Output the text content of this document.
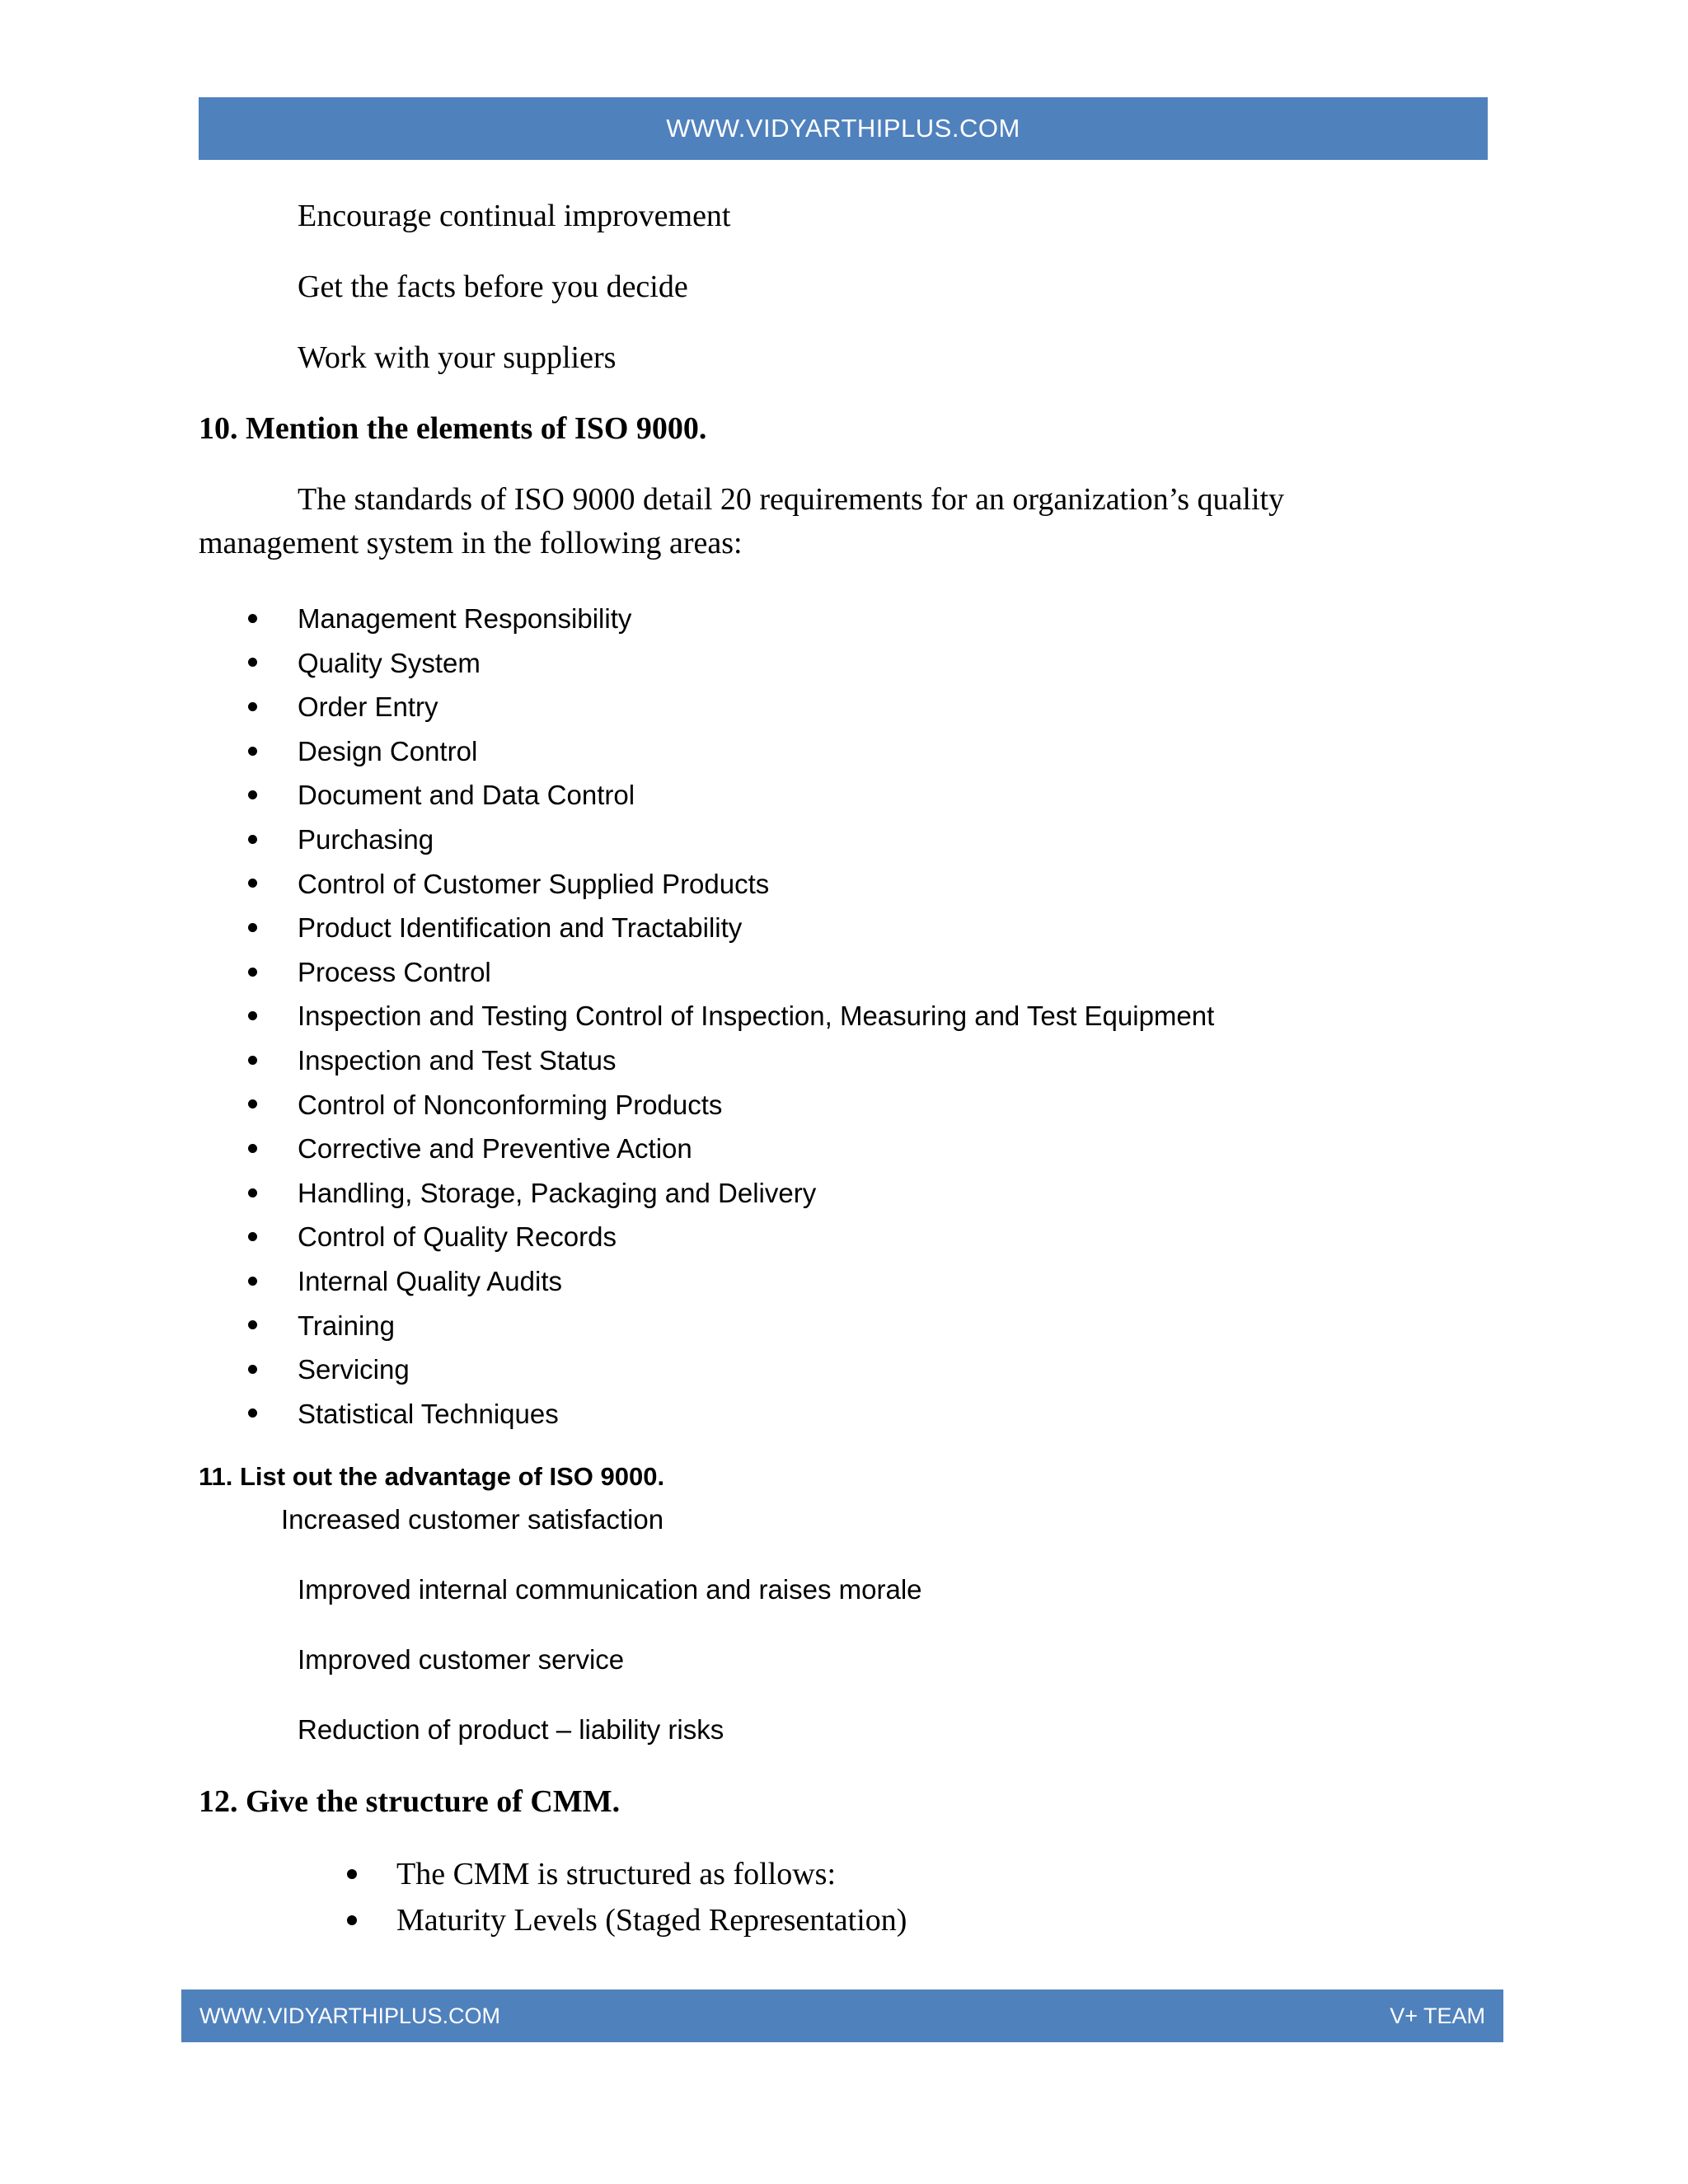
WWW.VIDYARTHIPLUS.COM
Encourage continual improvement
Get the facts before you decide
Work with your suppliers
10. Mention the elements of ISO 9000.

The standards of ISO 9000 detail 20 requirements for an organization’s quality management system in the following areas:

Management Responsibility
Quality System
Order Entry
Design Control
Document and Data Control
Purchasing
Control of Customer Supplied Products
Product Identification and Tractability
Process Control
Inspection and Testing Control of Inspection, Measuring and Test Equipment
Inspection and Test Status
Control of Nonconforming Products
Corrective and Preventive Action
Handling, Storage, Packaging and Delivery
Control of Quality Records
Internal Quality Audits
Training
Servicing
Statistical Techniques
11. List out the advantage of ISO 9000.
Increased customer satisfaction
Improved internal communication and raises morale
Improved customer service
Reduction of product – liability risks
12. Give the structure of CMM.
The CMM is structured as follows:
Maturity Levels (Staged Representation)
WWW.VIDYARTHIPLUS.COM	V+ TEAM
